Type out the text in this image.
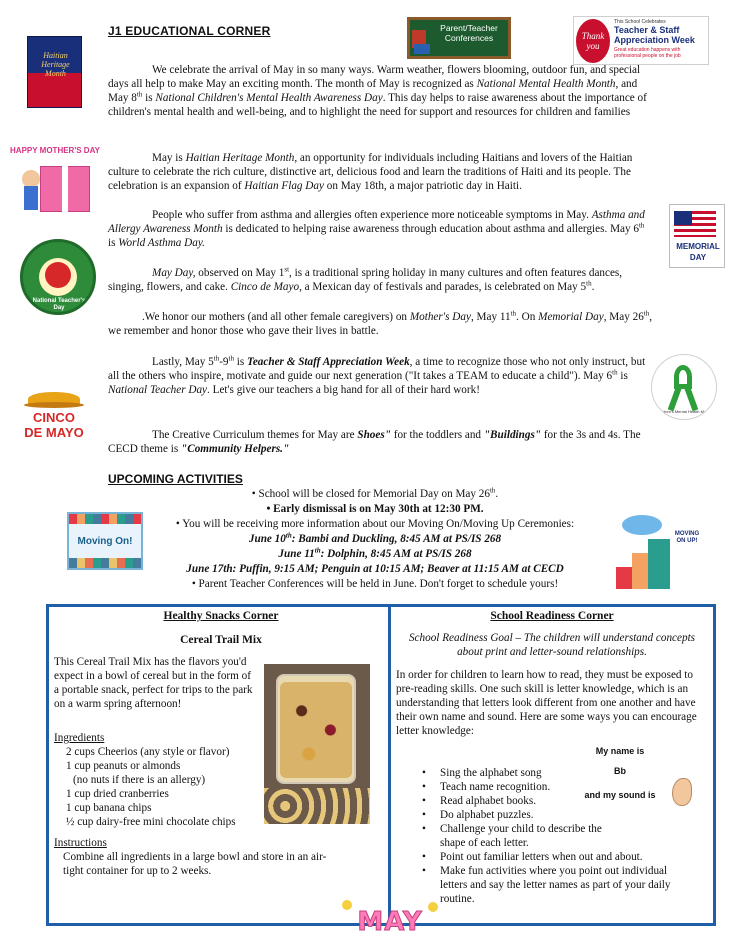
J1 EDUCATIONAL CORNER
Haitian Heritage Month
Parent/Teacher Conferences	Thank you
This School Celebrates
Teacher & Staff Appreciation Week
Great education happens with professional people on the job
HAPPY MOTHER'S DAY
National Teacher's Day
MEMORIAL DAY
Children's Mental Health Matters
CINCO DE MAYO
We celebrate the arrival of May in so many ways. Warm weather, flowers blooming, outdoor fun, and special days all help to make May an exciting month. The month of May is recognized as National Mental Health Month, and May 8th is National Children's Mental Health Awareness Day. This day helps to raise awareness about the importance of children's mental health and well-being, and to highlight the need for support and resources for children and families
May is Haitian Heritage Month, an opportunity for individuals including Haitians and lovers of the Haitian culture to celebrate the rich culture, distinctive art, delicious food and learn the traditions of Haiti and its people. The celebration is an expansion of Haitian Flag Day on May 18th, a major patriotic day in Haiti.
People who suffer from asthma and allergies often experience more noticeable symptoms in May. Asthma and Allergy Awareness Month is dedicated to helping raise awareness through education about asthma and allergies. May 6th is World Asthma Day.
May Day, observed on May 1st, is a traditional spring holiday in many cultures and often features dances, singing, flowers, and cake. Cinco de Mayo, a Mexican day of festivals and parades, is celebrated on May 5th.
.We honor our mothers (and all other female caregivers) on Mother's Day, May 11th. On Memorial Day, May 26th, we remember and honor those who gave their lives in battle.
Lastly, May 5th-9th is Teacher & Staff Appreciation Week, a time to recognize those who not only instruct, but all the others who inspire, motivate and guide our next generation ("It takes a TEAM to educate a child"). May 6th is National Teacher Day. Let's give our teachers a big hand for all of their hard work!
The Creative Curriculum themes for May are Shoes" for the toddlers and "Buildings" for the 3s and 4s. The CECD theme is "Community Helpers."
UPCOMING ACTIVITIES
• School will be closed for Memorial Day on May 26th.
• Early dismissal is on May 30th at 12:30 PM.
• You will be receiving more information about our Moving On/Moving Up Ceremonies:
June 10th: Bambi and Duckling, 8:45 AM at PS/IS 268
June 11th: Dolphin, 8:45 AM at PS/IS 268
June 17th: Puffin, 9:15 AM; Penguin at 10:15 AM; Beaver at 11:15 AM at CECD
• Parent Teacher Conferences will be held in June. Don't forget to schedule yours!
Moving On!
MOVING ON UP!
Healthy Snacks Corner
Cereal Trail Mix
This Cereal Trail Mix has the flavors you'd expect in a bowl of cereal but in the form of a portable snack, perfect for trips to the park on a warm spring afternoon!
Ingredients
2 cups Cheerios (any style or flavor)
1 cup peanuts or almonds
(no nuts if there is an allergy)
1 cup dried cranberries
1 cup banana chips
½ cup dairy-free mini chocolate chips
Instructions
Combine all ingredients in a large bowl and store in an air-tight container for up to 2 weeks.
School Readiness Corner
School Readiness Goal – The children will understand concepts about print and letter-sound relationships.
In order for children to learn how to read, they must be exposed to pre-reading skills. One such skill is letter knowledge, which is an understanding that letters look different from one another and have their own name and sound. Here are some ways you can encourage letter knowledge:
My name is
Bb
and my sound is
• Sing the alphabet song
• Teach name recognition.
• Read alphabet books.
• Do alphabet puzzles.
• Challenge your child to describe the shape of each letter.
• Point out familiar letters when out and about.
• Make fun activities where you point out individual letters and say the letter names as part of your daily routine.
MAY
